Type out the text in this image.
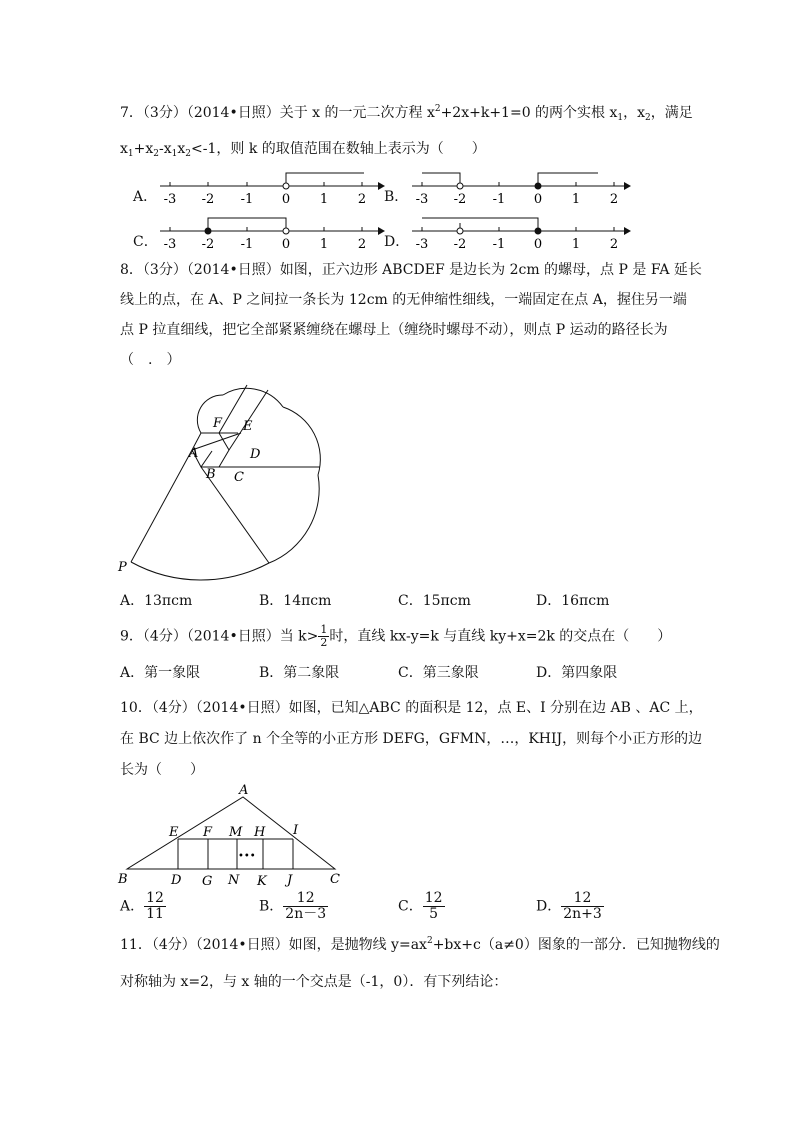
7．（3分）（2014•日照）关于 x 的一元二次方程 $x^2+2x+k+1=0$ 的两个实根 $x_1$，$x_2$，满足
$x_1+x_2-x_1x_2<-1$，则 k 的取值范围在数轴上表示为（　　）
A．	B．
C．	D．
-3 -2 -1 0 1 2	-3 -2 -1 0 1 2
-3 -2 -1 0 1 2	-3 -2 -1 0 1 2
8．（3分）（2014•日照）如图，正六边形 ABCDEF 是边长为 2cm 的螺母，点 P 是 FA 延长
线上的点，在 A、P 之间拉一条长为 12cm 的无伸缩性细线，一端固定在点 A，握住另一端
点 P 拉直细线，把它全部紧紧缠绕在螺母上（缠绕时螺母不动），则点 P 运动的路径长为
（　.　）
F E
A	D
B C
P
A．13πcm	B．14πcm	C．15πcm	D．16πcm
9．（4分）（2014•日照）当 $k> \frac{1}{2}$ 时，直线 kx-y=k 与直线 ky+x=2k 的交点在（　　）
A．第一象限	B．第二象限	C．第三象限	D．第四象限
10．（4分）（2014•日照）如图，已知△ABC 的面积是 12，点 E、I 分别在边 AB 、AC 上，
在 BC 边上依次作了 n 个全等的小正方形 DEFG，GFMN，…，KHIJ，则每个小正方形的边
长为（　　）
•••
A
E F M H I
B	D G N K J	C
A． $\frac{12}{11}$	B． $\frac{12}{2n-3}$	C． $\frac{12}{5}$	D． $\frac{12}{2n+3}$
11．（4分）（2014•日照）如图，是抛物线 $y=ax^2+bx+c(a\ne 0)$图象的一部分．已知抛物线的
对称轴为 x=2，与 x 轴的一个交点是（-1，0）．有下列结论：
